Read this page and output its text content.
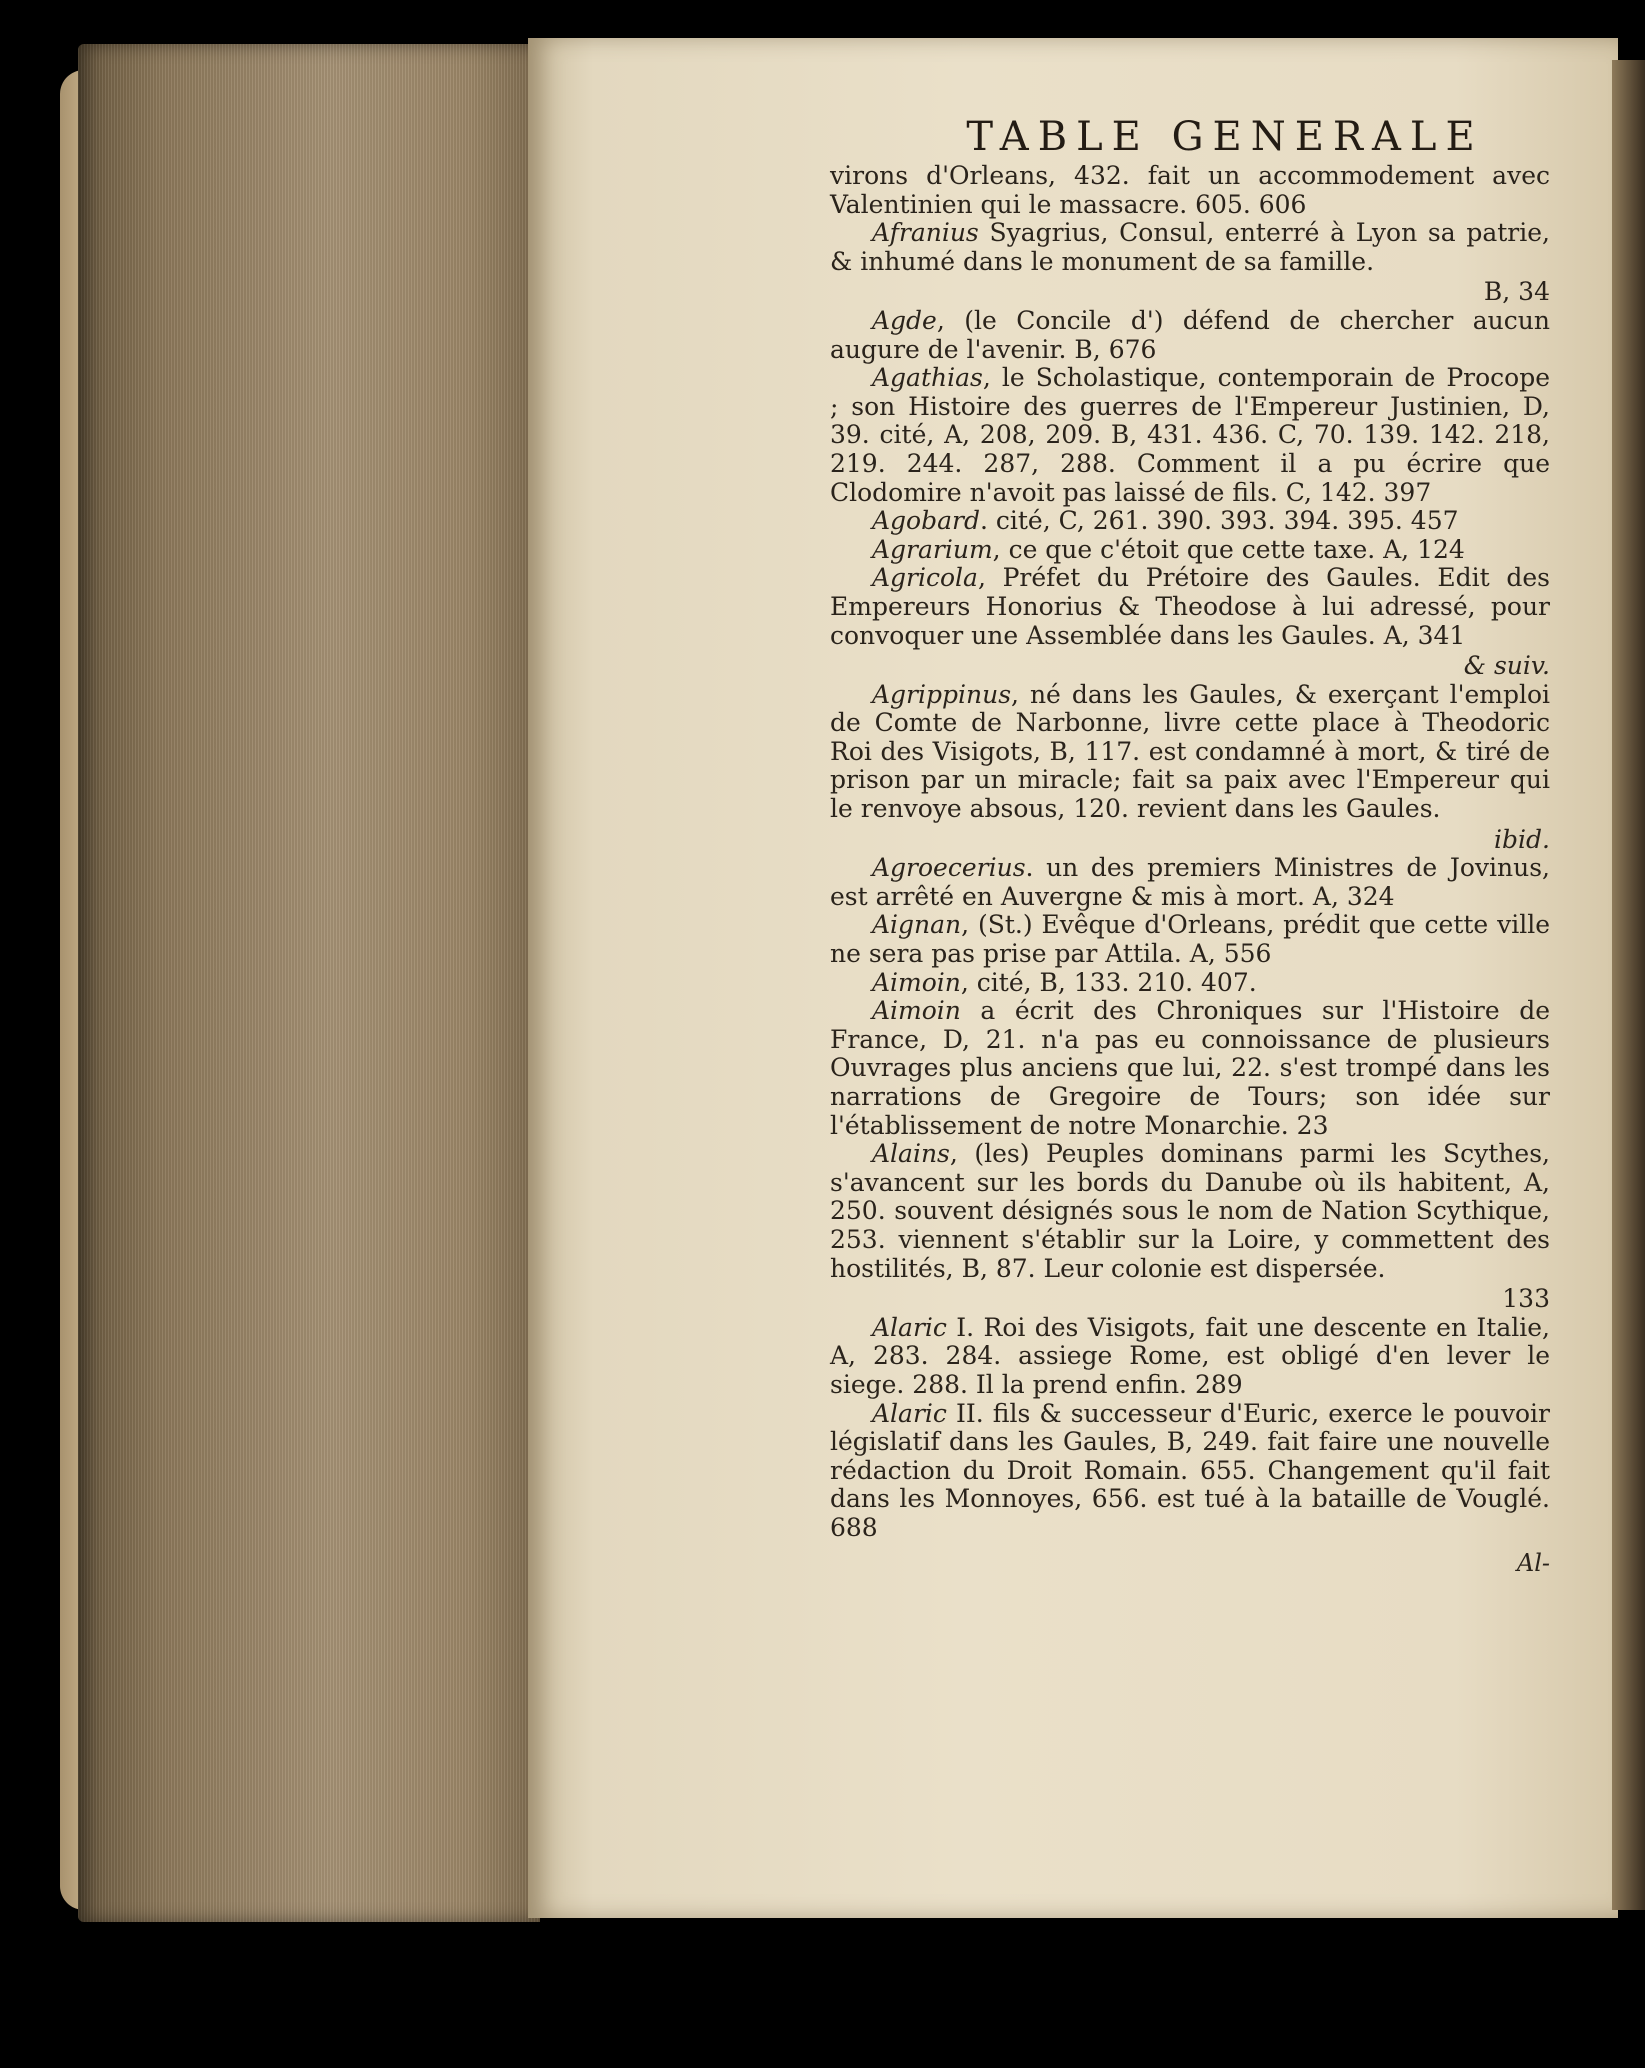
TABLE GENERALE

virons d'Orleans, 432. fait un accommodement avec Valentinien qui le massacre. 605. 606

Afranius Syagrius, Consul, enterré à Lyon sa patrie, & inhumé dans le monument de sa famille.
B, 34

Agde, (le Concile d') défend de chercher aucun augure de l'avenir. B, 676

Agathias, le Scholastique, contemporain de Procope ; son Histoire des guerres de l'Empereur Justinien, D, 39. cité, A, 208, 209. B, 431. 436. C, 70. 139. 142. 218, 219. 244. 287, 288. Comment il a pu écrire que Clodomire n'avoit pas laissé de fils. C, 142. 397

Agobard. cité, C, 261. 390. 393. 394. 395. 457

Agrarium, ce que c'étoit que cette taxe. A, 124

Agricola, Préfet du Prétoire des Gaules. Edit des Empereurs Honorius & Theodose à lui adressé, pour convoquer une Assemblée dans les Gaules. A, 341
& suiv.

Agrippinus, né dans les Gaules, & exerçant l'emploi de Comte de Narbonne, livre cette place à Theodoric Roi des Visigots, B, 117. est condamné à mort, & tiré de prison par un miracle; fait sa paix avec l'Empereur qui le renvoye absous, 120. revient dans les Gaules.
ibid.

Agroecerius. un des premiers Ministres de Jovinus, est arrêté en Auvergne & mis à mort. A, 324

Aignan, (St.) Evêque d'Orleans, prédit que cette ville ne sera pas prise par Attila. A, 556

Aimoin, cité, B, 133. 210. 407.

Aimoin a écrit des Chroniques sur l'Histoire de France, D, 21. n'a pas eu connoissance de plusieurs Ouvrages plus anciens que lui, 22. s'est trompé dans les narrations de Gregoire de Tours; son idée sur l'établissement de notre Monarchie. 23

Alains, (les) Peuples dominans parmi les Scythes, s'avancent sur les bords du Danube où ils habitent, A, 250. souvent désignés sous le nom de Nation Scythique, 253. viennent s'établir sur la Loire, y commettent des hostilités, B, 87. Leur colonie est dispersée.
133

Alaric I. Roi des Visigots, fait une descente en Italie, A, 283. 284. assiege Rome, est obligé d'en lever le siege. 288. Il la prend enfin. 289

Alaric II. fils & successeur d'Euric, exerce le pouvoir législatif dans les Gaules, B, 249. fait faire une nouvelle rédaction du Droit Romain. 655. Changement qu'il fait dans les Monnoyes, 656. est tué à la bataille de Vouglé. 688

Al-
